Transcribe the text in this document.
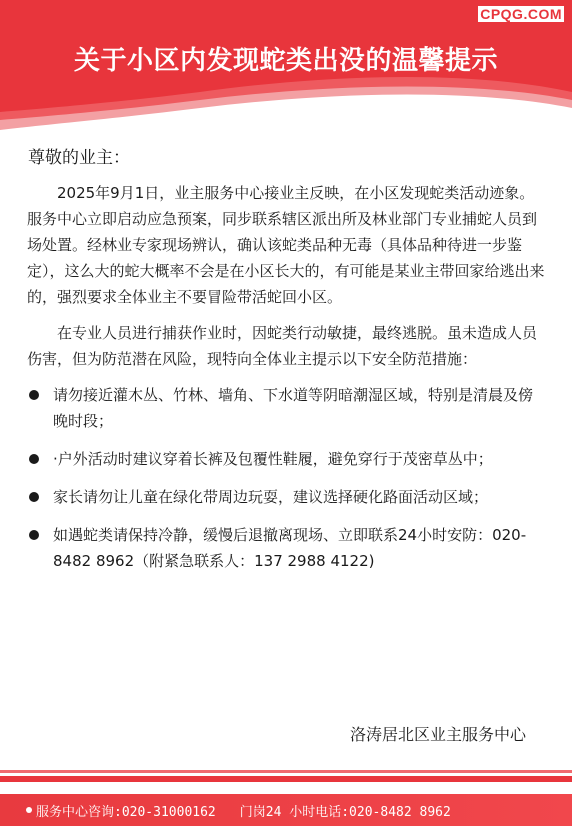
CPQG.COM
关于小区内发现蛇类出没的温馨提示
尊敬的业主：

2025年9月1日，业主服务中心接业主反映，在小区发现蛇类活动迹象。服务中心立即启动应急预案，同步联系辖区派出所及林业部门专业捕蛇人员到场处置。经林业专家现场辨认，确认该蛇类品种无毒（具体品种待进一步鉴定），这么大的蛇大概率不会是在小区长大的，有可能是某业主带回家给逃出来的，强烈要求全体业主不要冒险带活蛇回小区。

在专业人员进行捕获作业时，因蛇类行动敏捷，最终逃脱。虽未造成人员伤害，但为防范潜在风险，现特向全体业主提示以下安全防范措施：

请勿接近灌木丛、竹林、墙角、下水道等阴暗潮湿区域，特别是清晨及傍晚时段；
·户外活动时建议穿着长裤及包覆性鞋履，避免穿行于茂密草丛中；
家长请勿让儿童在绿化带周边玩耍，建议选择硬化路面活动区域；
如遇蛇类请保持冷静，缓慢后退撤离现场、立即联系24小时安防：020-8482 8962（附紧急联系人：137 2988 4122)
洛涛居北区业主服务中心
服务中心咨询:020-31000162 门岗24 小时电话:020-8482 8962
